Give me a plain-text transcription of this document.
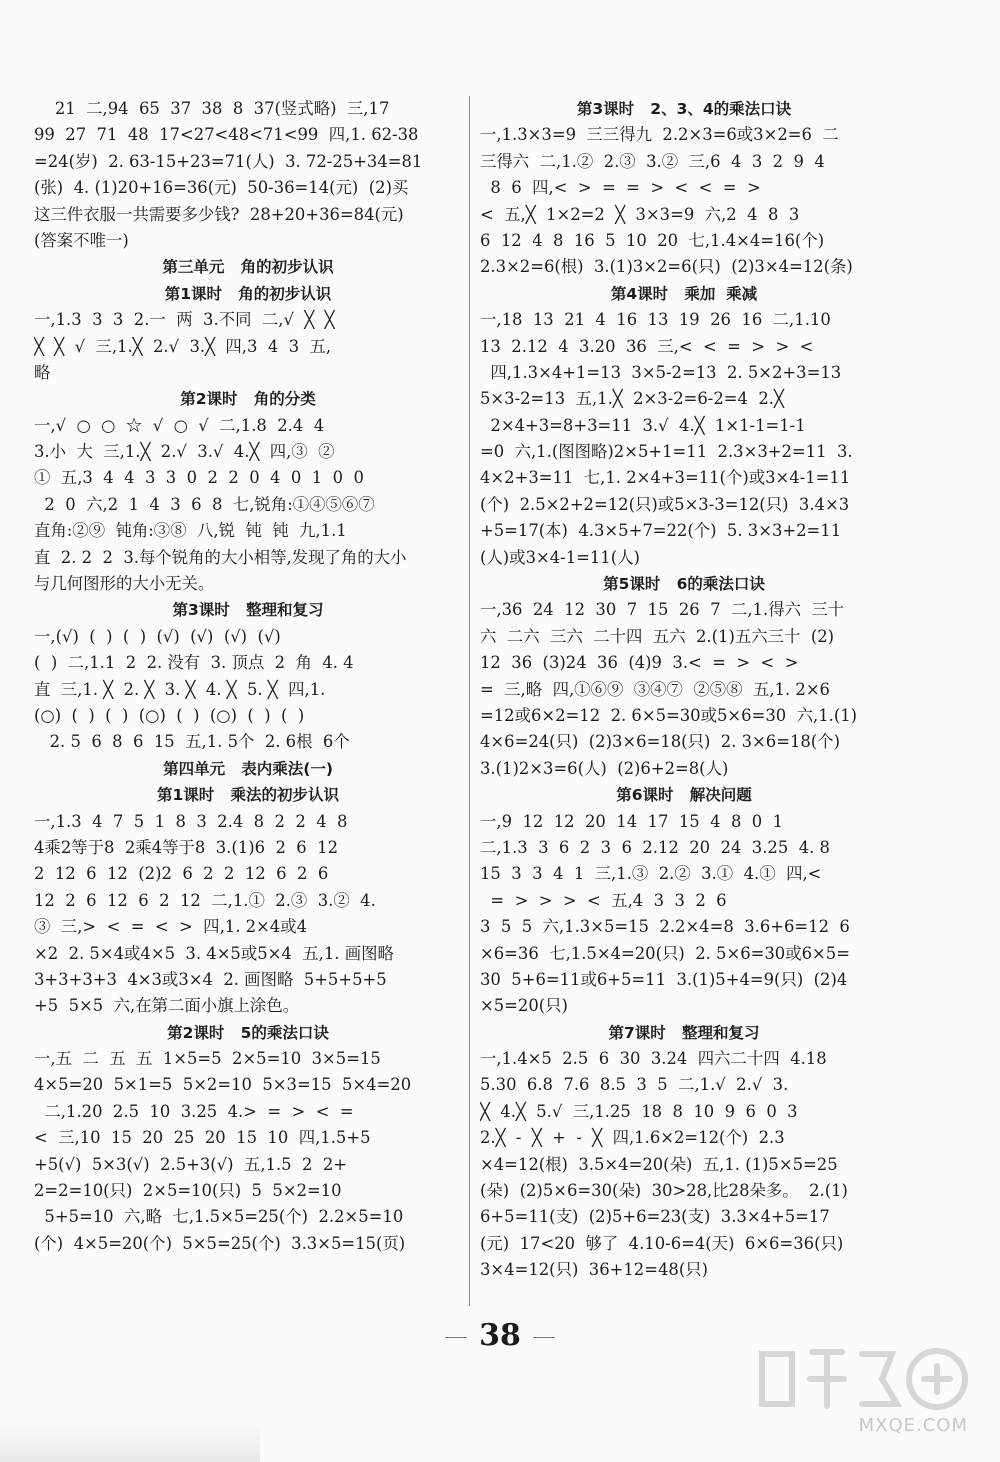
21  二,94  65  37  38  8  37(竖式略)  三,17
99  27  71  48  17<27<48<71<99  四,1. 62-38
=24(岁)  2. 63-15+23=71(人)  3. 72-25+34=81
(张)  4. (1)20+16=36(元)  50-36=14(元)  (2)买
这三件衣服一共需要多少钱?  28+20+36=84(元)
(答案不唯一)
第三单元   角的初步认识
第1课时   角的初步认识
一,1.3  3  3  2.一  两  3.不同  二,√  ╳  ╳
╳  ╳  √  三,1.╳  2.√  3.╳  四,3  4  3  五,
略
第2课时   角的分类
一,√  ○  ○  ☆  √  ○  √  二,1.8  2.4  4
3.小  大  三,1.╳  2.√  3.√  4.╳  四,③  ②
①  五,3  4  4  3  3  0  2  2  0  4  0  1  0  0
2  0  六,2  1  4  3  6  8  七,锐角:①④⑤⑥⑦
直角:②⑨  钝角:③⑧  八,锐  钝  钝  九,1.1
直  2. 2  2  3.每个锐角的大小相等,发现了角的大小
与几何图形的大小无关。
第3课时   整理和复习
一,(√)  (  )  (  )  (√)  (√)  (√)  (√)
(  )  二,1.1  2  2. 没有  3. 顶点  2  角  4. 4
直  三,1. ╳  2. ╳  3. ╳  4. ╳  5. ╳  四,1.
(○)  (  )  (  )  (○)  (  )  (○)  (  )  (  )
2. 5  6  8  6  15  五,1. 5个  2. 6根  6个
第四单元   表内乘法(一)
第1课时   乘法的初步认识
一,1.3  4  7  5  1  8  3  2.4  8  2  2  4  8
4乘2等于8  2乘4等于8  3.(1)6  2  6  12
2  12  6  12  (2)2  6  2  2  12  6  2  6
12  2  6  12  6  2  12  二,1.①  2.③  3.②  4.
③  三,>  <  =  <  >  四,1. 2×4或4
×2  2. 5×4或4×5  3. 4×5或5×4  五,1. 画图略
3+3+3+3  4×3或3×4  2. 画图略  5+5+5+5
+5  5×5  六,在第二面小旗上涂色。
第2课时   5的乘法口诀
一,五  二  五  五  1×5=5  2×5=10  3×5=15
4×5=20  5×1=5  5×2=10  5×3=15  5×4=20
二,1.20  2.5  10  3.25  4.>  =  >  <  =
<  三,10  15  20  25  20  15  10  四,1.5+5
+5(√)  5×3(√)  2.5+3(√)  五,1.5  2  2+
2=2=10(只)  2×5=10(只)  5  5×2=10
5+5=10  六,略  七,1.5×5=25(个)  2.2×5=10
(个)  4×5=20(个)  5×5=25(个)  3.3×5=15(页)
第3课时   2、3、4的乘法口诀
一,1.3×3=9  三三得九  2.2×3=6或3×2=6  二
三得六  二,1.②  2.③  3.②  三,6  4  3  2  9  4
8  6  四,<  >  =  =  >  <  <  =  >
<  五,╳  1×2=2  ╳  3×3=9  六,2  4  8  3
6  12  4  8  16  5  10  20  七,1.4×4=16(个)
2.3×2=6(根)  3.(1)3×2=6(只)  (2)3×4=12(条)
第4课时   乘加  乘减
一,18  13  21  4  16  13  19  26  16  二,1.10
13  2.12  4  3.20  36  三,<  <  =  >  >  <
四,1.3×4+1=13  3×5-2=13  2. 5×2+3=13
5×3-2=13  五,1.╳  2×3-2=6-2=4  2.╳
2×4+3=8+3=11  3.√  4.╳  1×1-1=1-1
=0  六,1.(图图略)2×5+1=11  2.3×3+2=11  3.
4×2+3=11  七,1. 2×4+3=11(个)或3×4-1=11
(个)  2.5×2+2=12(只)或5×3-3=12(只)  3.4×3
+5=17(本)  4.3×5+7=22(个)  5. 3×3+2=11
(人)或3×4-1=11(人)
第5课时   6的乘法口诀
一,36  24  12  30  7  15  26  7  二,1.得六  三十
六  二六  三六  二十四  五六  2.(1)五六三十  (2)
12  36  (3)24  36  (4)9  3.<  =  >  <  >
=  三,略  四,①⑥⑨  ③④⑦  ②⑤⑧  五,1. 2×6
=12或6×2=12  2. 6×5=30或5×6=30  六,1.(1)
4×6=24(只)  (2)3×6=18(只)  2. 3×6=18(个)
3.(1)2×3=6(人)  (2)6+2=8(人)
第6课时   解决问题
一,9  12  12  20  14  17  15  4  8  0  1
二,1.3  3  6  2  3  6  2.12  20  24  3.25  4. 8
15  3  3  4  1  三,1.③  2.②  3.①  4.①  四,<
=  >  >  >  <  五,4  3  3  2  6
3  5  5  六,1.3×5=15  2.2×4=8  3.6+6=12  6
×6=36  七,1.5×4=20(只)  2. 5×6=30或6×5=
30  5+6=11或6+5=11  3.(1)5+4=9(只)  (2)4
×5=20(只)
第7课时   整理和复习
一,1.4×5  2.5  6  30  3.24  四六二十四  4.18
5.30  6.8  7.6  8.5  3  5  二,1.√  2.√  3.
╳  4.╳  5.√  三,1.25  18  8  10  9  6  0  3
2.╳  -  ╳  +  -  ╳  四,1.6×2=12(个)  2.3
×4=12(根)  3.5×4=20(朵)  五,1. (1)5×5=25
(朵)  (2)5×6=30(朵)  30>28,比28朵多。  2.(1)
6+5=11(支)  (2)5+6=23(支)  3.3×4+5=17
(元)  17<20  够了  4.10-6=4(天)  6×6=36(只)
3×4=12(只)  36+12=48(只)
38
MXQE.COM
